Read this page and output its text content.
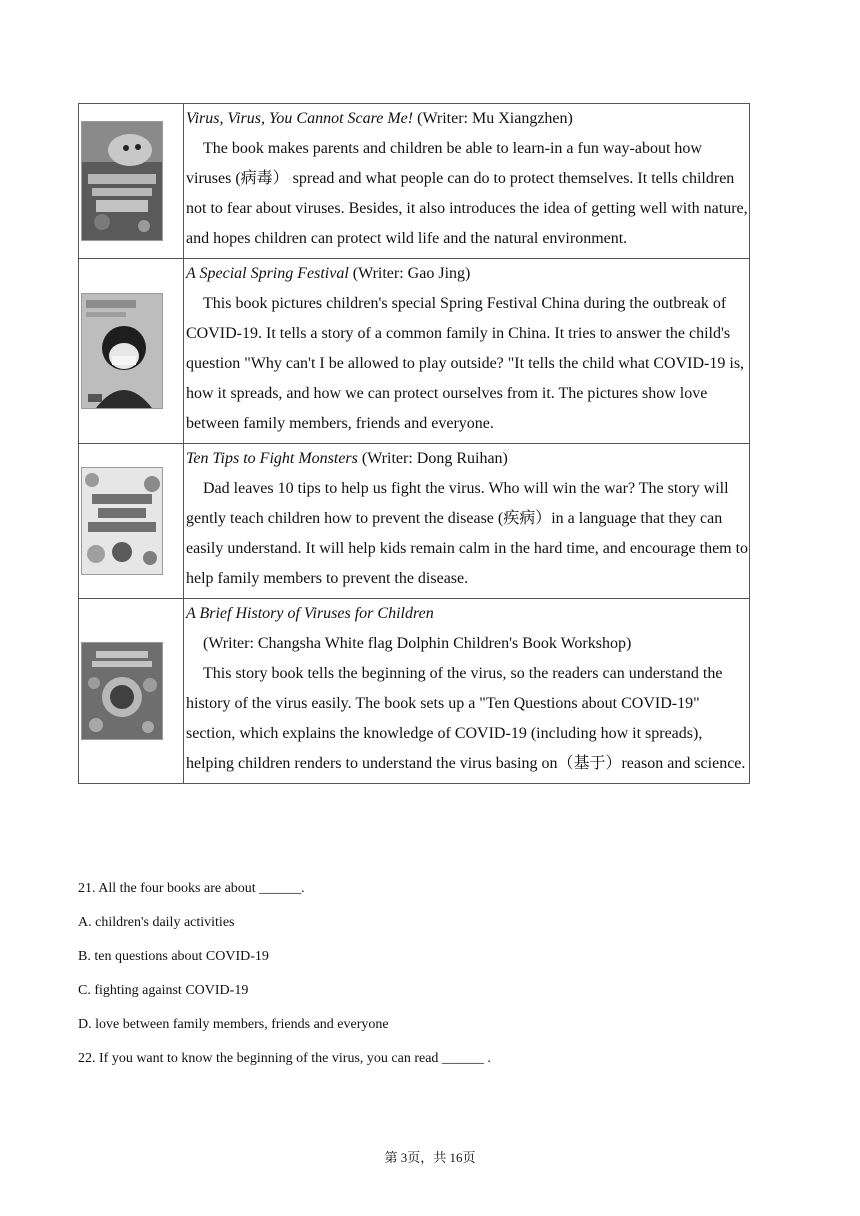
Virus, Virus, You Cannot Scare Me! (Writer: Mu Xiangzhen)
The book makes parents and children be able to learn-in a fun way-about how viruses (病毒） spread and what people can do to protect themselves. It tells children not to fear about viruses. Besides, it also introduces the idea of getting well with nature, and hopes children can protect wild life and the natural environment.

A Special Spring Festival (Writer: Gao Jing)
This book pictures children's special Spring Festival China during the outbreak of COVID-19. It tells a story of a common family in China. It tries to answer the child's question "Why can't I be allowed to play outside? "It tells the child what COVID-19 is, how it spreads, and how we can protect ourselves from it. The pictures show love between family members, friends and everyone.

Ten Tips to Fight Monsters (Writer: Dong Ruihan)
Dad leaves 10 tips to help us fight the virus. Who will win the war? The story will gently teach children how to prevent the disease (疾病）in a language that they can easily understand. It will help kids remain calm in the hard time, and encourage them to help family members to prevent the disease.

A Brief History of Viruses for Children
(Writer: Changsha White flag Dolphin Children's Book Workshop)
This story book tells the beginning of the virus, so the readers can understand the history of the virus easily. The book sets up a "Ten Questions about COVID-19" section, which explains the knowledge of COVID-19 (including how it spreads), helping children renders to understand the virus basing on（基于）reason and science.
21. All the four books are about ______.
A. children's daily activities
B. ten questions about COVID-19
C. fighting against COVID-19
D. love between family members, friends and everyone
22. If you want to know the beginning of the virus, you can read ______ .
第 3页，共 16页
